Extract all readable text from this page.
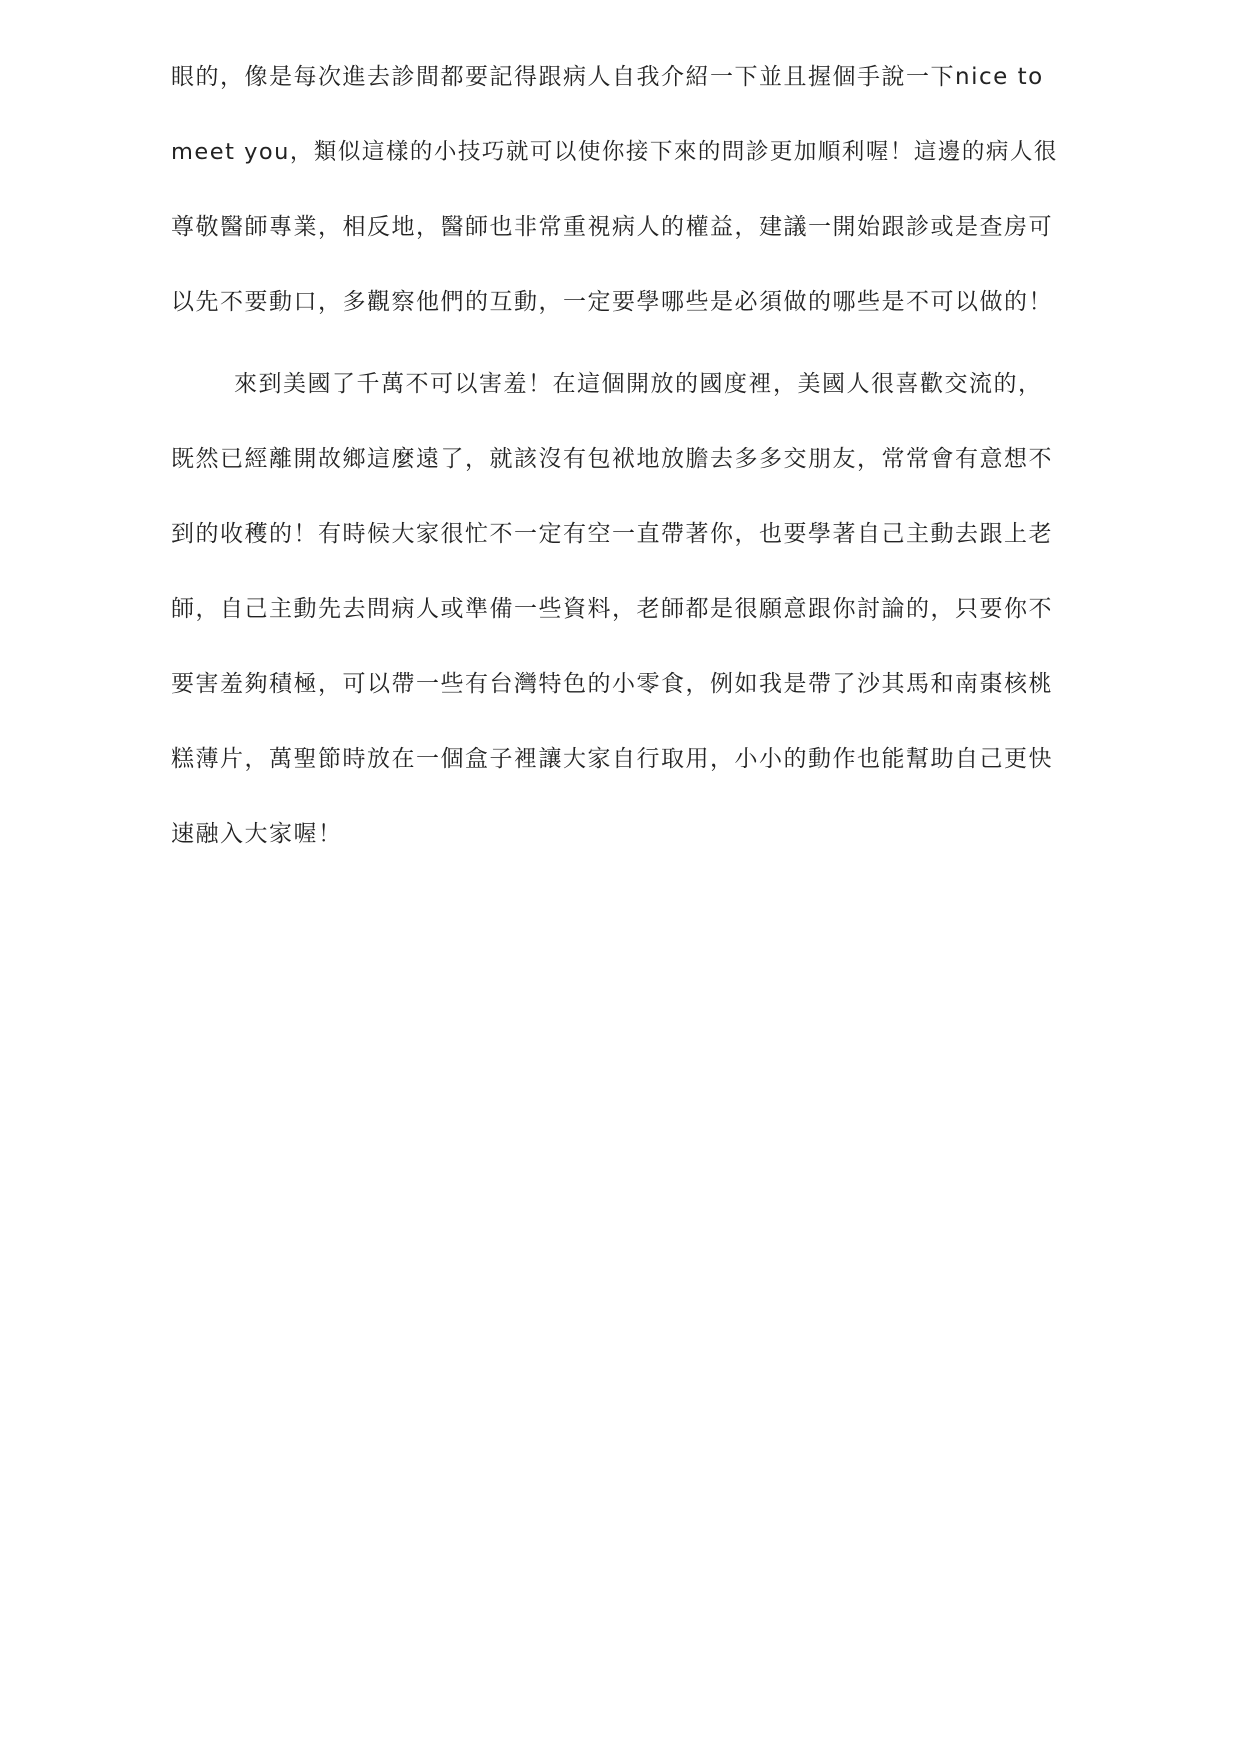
眼的，像是每次進去診間都要記得跟病人自我介紹一下並且握個手說一下nice to

meet you，類似這樣的小技巧就可以使你接下來的問診更加順利喔！這邊的病人很

尊敬醫師專業，相反地，醫師也非常重視病人的權益，建議一開始跟診或是查房可

以先不要動口，多觀察他們的互動，一定要學哪些是必須做的哪些是不可以做的！

來到美國了千萬不可以害羞！在這個開放的國度裡，美國人很喜歡交流的，

既然已經離開故鄉這麼遠了，就該沒有包袱地放膽去多多交朋友，常常會有意想不

到的收穫的！有時候大家很忙不一定有空一直帶著你，也要學著自己主動去跟上老

師，自己主動先去問病人或準備一些資料，老師都是很願意跟你討論的，只要你不

要害羞夠積極，可以帶一些有台灣特色的小零食，例如我是帶了沙其馬和南棗核桃

糕薄片，萬聖節時放在一個盒子裡讓大家自行取用，小小的動作也能幫助自己更快

速融入大家喔！
